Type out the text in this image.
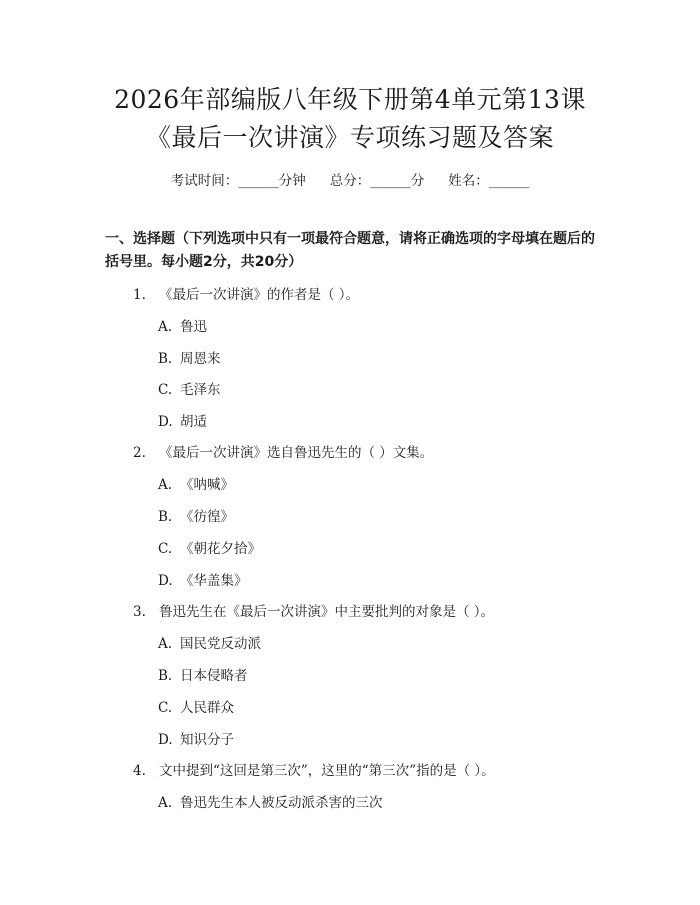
2026年部编版八年级下册第4单元第13课
《最后一次讲演》专项练习题及答案
考试时间：______分钟 总分：______分 姓名：______
一、选择题（下列选项中只有一项最符合题意，请将正确选项的字母填在题后的括号里。每小题2分，共20分）
1. 《最后一次讲演》的作者是（ ）。
A. 鲁迅
B. 周恩来
C. 毛泽东
D. 胡适
2. 《最后一次讲演》选自鲁迅先生的（ ）文集。
A. 《呐喊》
B. 《彷徨》
C. 《朝花夕拾》
D. 《华盖集》
3. 鲁迅先生在《最后一次讲演》中主要批判的对象是（ ）。
A. 国民党反动派
B. 日本侵略者
C. 人民群众
D. 知识分子
4. 文中提到“这回是第三次”，这里的“第三次”指的是（ ）。
A. 鲁迅先生本人被反动派杀害的三次
